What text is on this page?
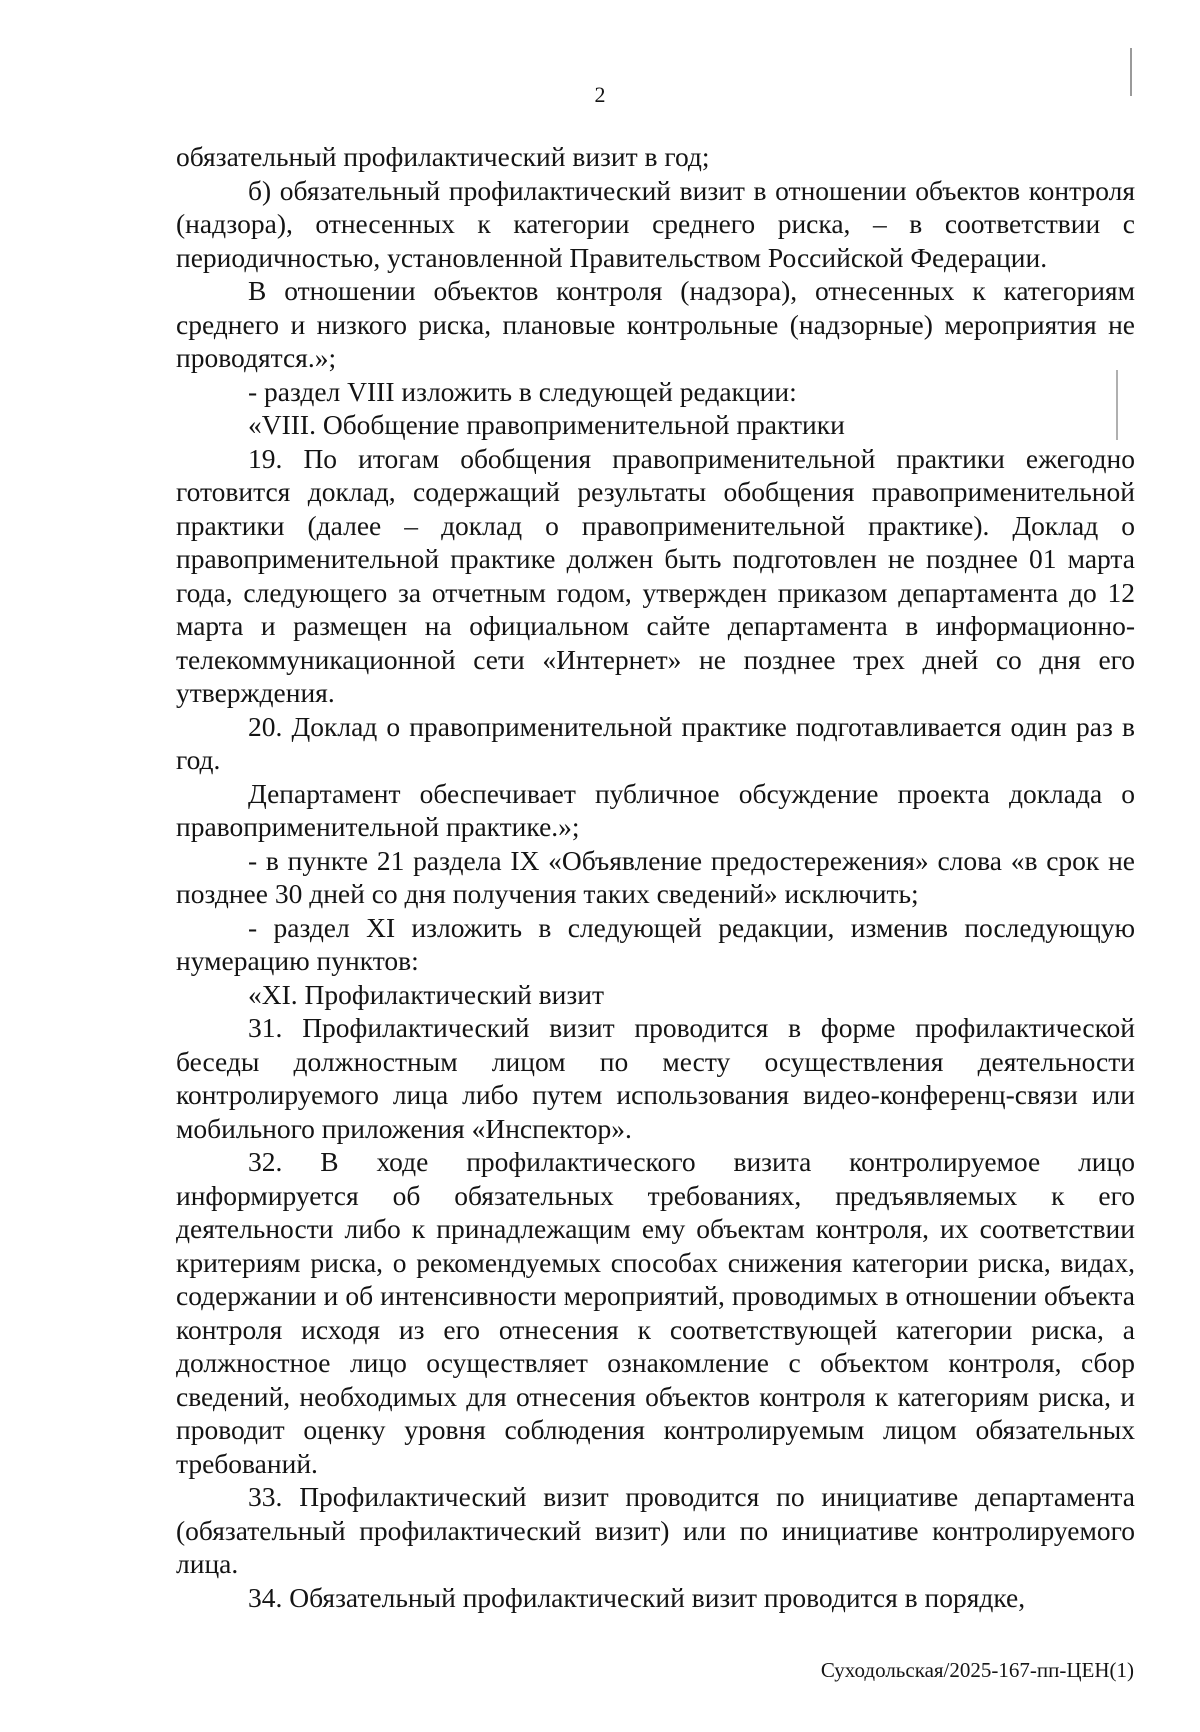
2

обязательный профилактический визит в год;

б) обязательный профилактический визит в отношении объектов контроля (надзора), отнесенных к категории среднего риска, – в соответствии с периодичностью, установленной Правительством Российской Федерации.

В отношении объектов контроля (надзора), отнесенных к категориям среднего и низкого риска, плановые контрольные (надзорные) мероприятия не проводятся.»;

- раздел VIII изложить в следующей редакции:

«VIII. Обобщение правоприменительной практики

19. По итогам обобщения правоприменительной практики ежегодно готовится доклад, содержащий результаты обобщения правоприменительной практики (далее – доклад о правоприменительной практике). Доклад о правоприменительной практике должен быть подготовлен не позднее 01 марта года, следующего за отчетным годом, утвержден приказом департамента до 12 марта и размещен на официальном сайте департамента в информационно-телекоммуникационной сети «Интернет» не позднее трех дней со дня его утверждения.

20. Доклад о правоприменительной практике подготавливается один раз в год.

Департамент обеспечивает публичное обсуждение проекта доклада о правоприменительной практике.»;

- в пункте 21 раздела IX «Объявление предостережения» слова «в срок не позднее 30 дней со дня получения таких сведений» исключить;

- раздел XI изложить в следующей редакции, изменив последующую нумерацию пунктов:

«XI. Профилактический визит

31. Профилактический визит проводится в форме профилактической беседы должностным лицом по месту осуществления деятельности контролируемого лица либо путем использования видео-конференц-связи или мобильного приложения «Инспектор».

32. В ходе профилактического визита контролируемое лицо информируется об обязательных требованиях, предъявляемых к его деятельности либо к принадлежащим ему объектам контроля, их соответствии критериям риска, о рекомендуемых способах снижения категории риска, видах, содержании и об интенсивности мероприятий, проводимых в отношении объекта контроля исходя из его отнесения к соответствующей категории риска, а должностное лицо осуществляет ознакомление с объектом контроля, сбор сведений, необходимых для отнесения объектов контроля к категориям риска, и проводит оценку уровня соблюдения контролируемым лицом обязательных требований.

33. Профилактический визит проводится по инициативе департамента (обязательный профилактический визит) или по инициативе контролируемого лица.

34. Обязательный профилактический визит проводится в порядке,

Суходольская/2025-167-пп-ЦЕН(1)
